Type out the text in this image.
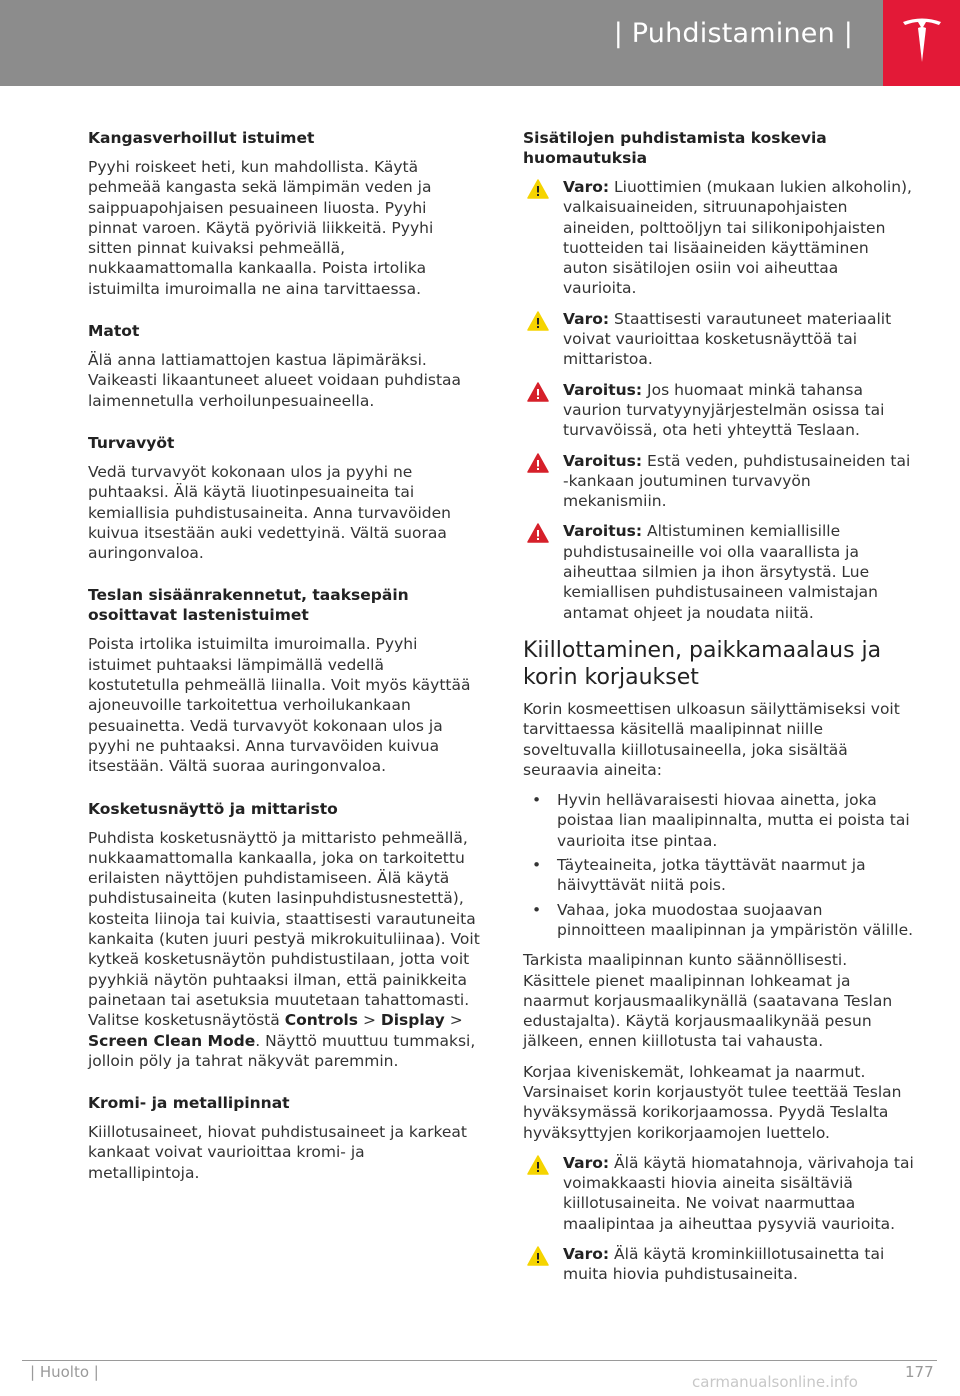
| Puhdistaminen |
Kangasverhoillut istuimet
Pyyhi roiskeet heti, kun mahdollista. Käytä pehmeää kangasta sekä lämpimän veden ja saippuapohjaisen pesuaineen liuosta. Pyyhi pinnat varoen. Käytä pyöriviä liikkeitä. Pyyhi sitten pinnat kuivaksi pehmeällä, nukkaamattomalla kankaalla. Poista irtolika istuimilta imuroimalla ne aina tarvittaessa.
Matot
Älä anna lattiamattojen kastua läpimäräksi. Vaikeasti likaantuneet alueet voidaan puhdistaa laimennetulla verhoilunpesuaineella.
Turvavyöt
Vedä turvavyöt kokonaan ulos ja pyyhi ne puhtaaksi. Älä käytä liuotinpesuaineita tai kemiallisia puhdistusaineita. Anna turvavöiden kuivua itsestään auki vedettyinä. Vältä suoraa auringonvaloa.
Teslan sisäänrakennetut, taaksepäin osoittavat lastenistuimet
Poista irtolika istuimilta imuroimalla. Pyyhi istuimet puhtaaksi lämpimällä vedellä kostutetulla pehmeällä liinalla. Voit myös käyttää ajoneuvoille tarkoitettua verhoilukankaan pesuainetta. Vedä turvavyöt kokonaan ulos ja pyyhi ne puhtaaksi. Anna turvavöiden kuivua itsestään. Vältä suoraa auringonvaloa.
Kosketusnäyttö ja mittaristo
Puhdista kosketusnäyttö ja mittaristo pehmeällä, nukkaamattomalla kankaalla, joka on tarkoitettu erilaisten näyttöjen puhdistamiseen. Älä käytä puhdistusaineita (kuten lasinpuhdistusnestettä), kosteita liinoja tai kuivia, staattisesti varautuneita kankaita (kuten juuri pestyä mikrokuituliinaa). Voit kytkeä kosketusnäytön puhdistustilaan, jotta voit pyyhkiä näytön puhtaaksi ilman, että painikkeita painetaan tai asetuksia muutetaan tahattomasti. Valitse kosketusnäytöstä Controls > Display > Screen Clean Mode. Näyttö muuttuu tummaksi, jolloin pöly ja tahrat näkyvät paremmin.
Kromi- ja metallipinnat
Kiillotusaineet, hiovat puhdistusaineet ja karkeat kankaat voivat vaurioittaa kromi- ja metallipintoja.
Sisätilojen puhdistamista koskevia huomautuksia
Varo: Liuottimien (mukaan lukien alkoholin), valkaisuaineiden, sitruunapohjaisten aineiden, polttoöljyn tai silikonipohjaisten tuotteiden tai lisäaineiden käyttäminen auton sisätilojen osiin voi aiheuttaa vaurioita.
Varo: Staattisesti varautuneet materiaalit voivat vaurioittaa kosketusnäyttöä tai mittaristoa.
Varoitus: Jos huomaat minkä tahansa vaurion turvatyynyjärjestelmän osissa tai turvavöissä, ota heti yhteyttä Teslaan.
Varoitus: Estä veden, puhdistusaineiden tai -kankaan joutuminen turvavyön mekanismiin.
Varoitus: Altistuminen kemiallisille puhdistusaineille voi olla vaarallista ja aiheuttaa silmien ja ihon ärsytystä. Lue kemiallisen puhdistusaineen valmistajan antamat ohjeet ja noudata niitä.
Kiillottaminen, paikkamaalaus ja korin korjaukset
Korin kosmeettisen ulkoasun säilyttämiseksi voit tarvittaessa käsitellä maalipinnat niille soveltuvalla kiillotusaineella, joka sisältää seuraavia aineita:
• Hyvin hellävaraisesti hiovaa ainetta, joka poistaa lian maalipinnalta, mutta ei poista tai vaurioita itse pintaa.
• Täyteaineita, jotka täyttävät naarmut ja häivyttävät niitä pois.
• Vahaa, joka muodostaa suojaavan pinnoitteen maalipinnan ja ympäristön välille.
Tarkista maalipinnan kunto säännöllisesti. Käsittele pienet maalipinnan lohkeamat ja naarmut korjausmaalikynällä (saatavana Teslan edustajalta). Käytä korjausmaalikynää pesun jälkeen, ennen kiillotusta tai vahausta.
Korjaa kiveniskemät, lohkeamat ja naarmut. Varsinaiset korin korjaustyöt tulee teettää Teslan hyväksymässä korikorjaamossa. Pyydä Teslalta hyväksyttyjen korikorjaamojen luettelo.
Varo: Älä käytä hiomatahnoja, värivahoja tai voimakkaasti hiovia aineita sisältäviä kiillotusaineita. Ne voivat naarmuttaa maalipintaa ja aiheuttaa pysyviä vaurioita.
Varo: Älä käytä krominkiillotusainetta tai muita hiovia puhdistusaineita.
| Huolto |	177
carmanualsonline.info
